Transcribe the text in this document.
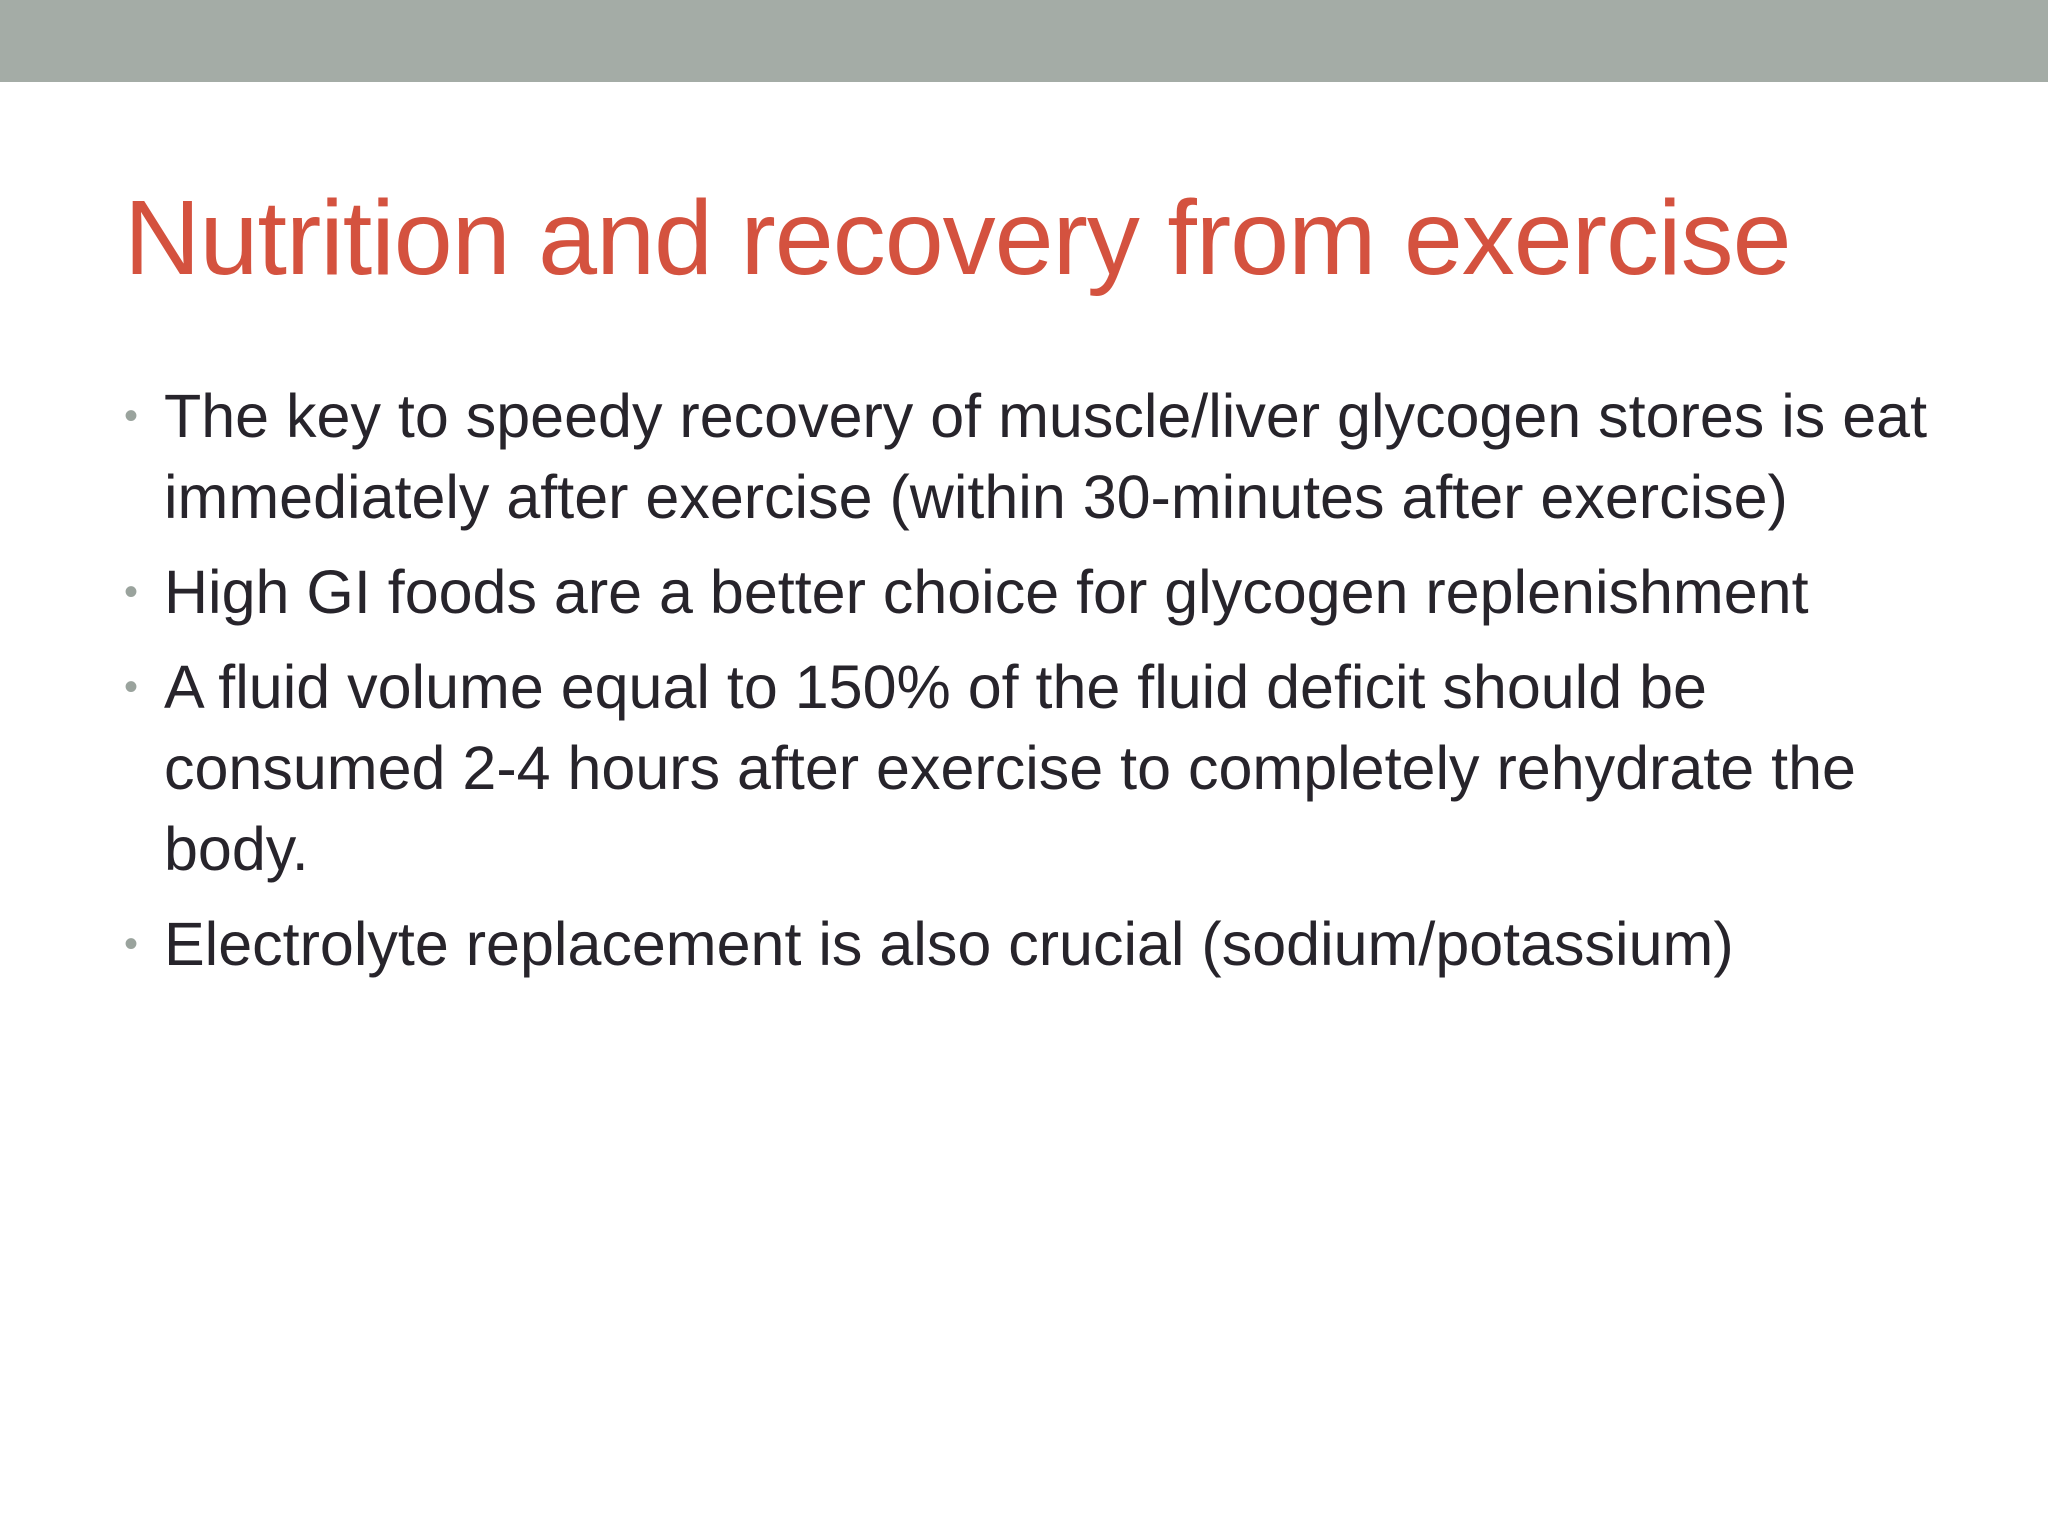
Nutrition and recovery from exercise
• The key to speedy recovery of muscle/liver glycogen stores is eat immediately after exercise (within 30-minutes after exercise)
• High GI foods are a better choice for glycogen replenishment
• A fluid volume equal to 150% of the fluid deficit should be consumed 2-4 hours after exercise to completely rehydrate the body.
• Electrolyte replacement is also crucial (sodium/potassium)
